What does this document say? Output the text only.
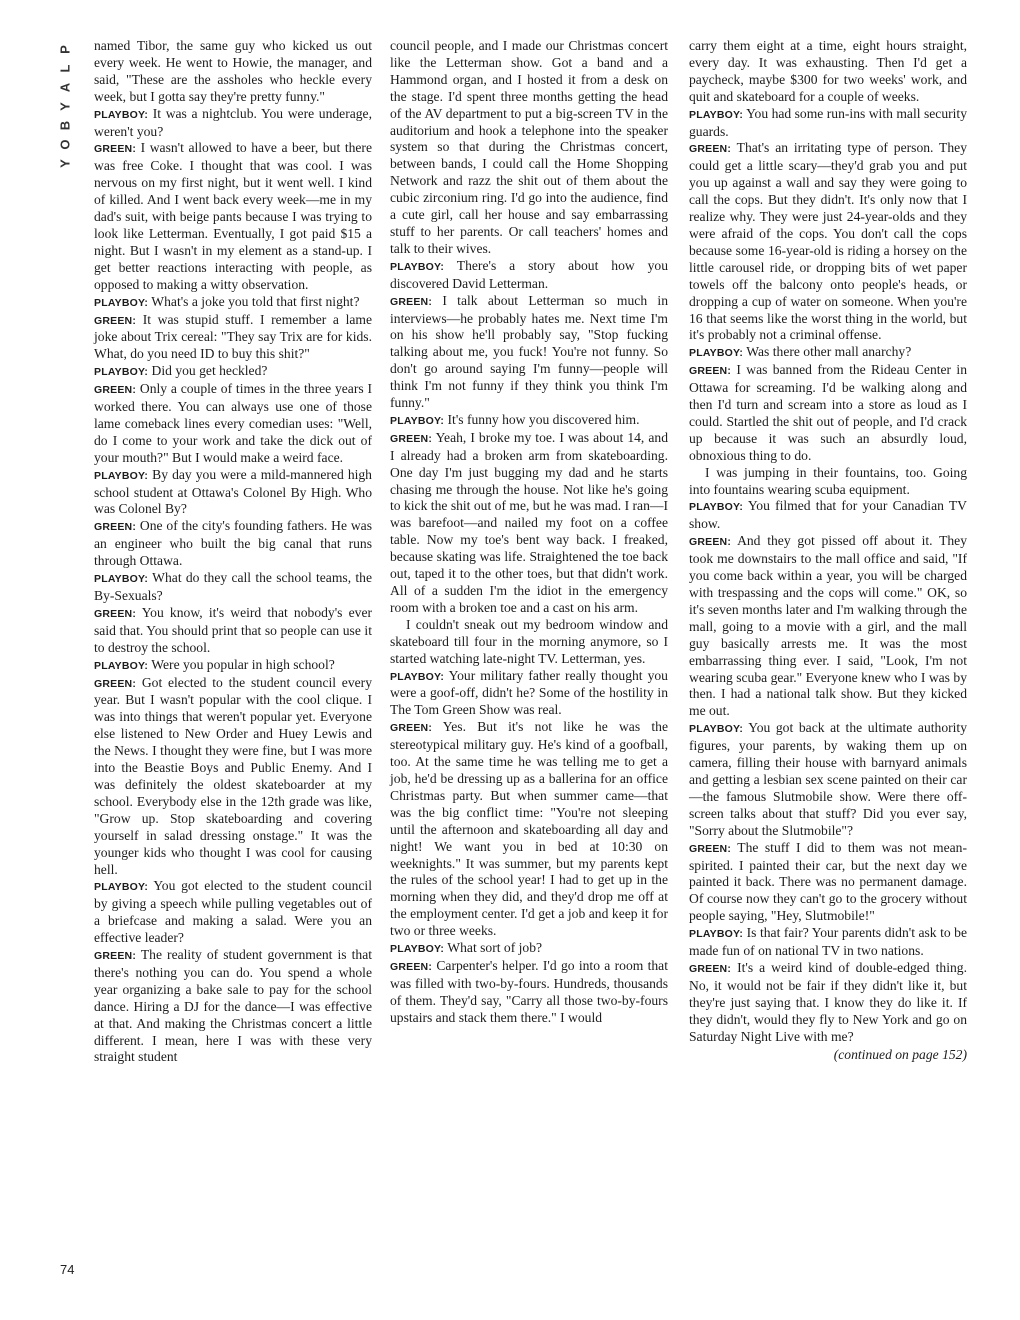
P
L
A
Y
B
O
Y

named Tibor, the same guy who kicked us out every week. He went to Howie, the manager, and said, "These are the assholes who heckle every week, but I gotta say they're pretty funny."

PLAYBOY: It was a nightclub. You were underage, weren't you?

GREEN: I wasn't allowed to have a beer, but there was free Coke. I thought that was cool. I was nervous on my first night, but it went well. I kind of killed. And I went back every week—me in my dad's suit, with beige pants because I was trying to look like Letterman. Eventually, I got paid $15 a night. But I wasn't in my element as a stand-up. I get better reactions interacting with people, as opposed to making a witty observation.

PLAYBOY: What's a joke you told that first night?

GREEN: It was stupid stuff. I remember a lame joke about Trix cereal: "They say Trix are for kids. What, do you need ID to buy this shit?"

PLAYBOY: Did you get heckled?

GREEN: Only a couple of times in the three years I worked there. You can always use one of those lame comeback lines every comedian uses: "Well, do I come to your work and take the dick out of your mouth?" But I would make a weird face.

PLAYBOY: By day you were a mild-mannered high school student at Ottawa's Colonel By High. Who was Colonel By?

GREEN: One of the city's founding fathers. He was an engineer who built the big canal that runs through Ottawa.

PLAYBOY: What do they call the school teams, the By-Sexuals?

GREEN: You know, it's weird that nobody's ever said that. You should print that so people can use it to destroy the school.

PLAYBOY: Were you popular in high school?

GREEN: Got elected to the student council every year. But I wasn't popular with the cool clique. I was into things that weren't popular yet. Everyone else listened to New Order and Huey Lewis and the News. I thought they were fine, but I was more into the Beastie Boys and Public Enemy. And I was definitely the oldest skateboarder at my school. Everybody else in the 12th grade was like, "Grow up. Stop skateboarding and covering yourself in salad dressing onstage." It was the younger kids who thought I was cool for causing hell.

PLAYBOY: You got elected to the student council by giving a speech while pulling vegetables out of a briefcase and making a salad. Were you an effective leader?

GREEN: The reality of student government is that there's nothing you can do. You spend a whole year organizing a bake sale to pay for the school dance. Hiring a DJ for the dance—I was effective at that. And making the Christmas concert a little different. I mean, here I was with these very straight student

council people, and I made our Christmas concert like the Letterman show. Got a band and a Hammond organ, and I hosted it from a desk on the stage. I'd spent three months getting the head of the AV department to put a big-screen TV in the auditorium and hook a telephone into the speaker system so that during the Christmas concert, between bands, I could call the Home Shopping Network and razz the shit out of them about the cubic zirconium ring. I'd go into the audience, find a cute girl, call her house and say embarrassing stuff to her parents. Or call teachers' homes and talk to their wives.

PLAYBOY: There's a story about how you discovered David Letterman.

GREEN: I talk about Letterman so much in interviews—he probably hates me. Next time I'm on his show he'll probably say, "Stop fucking talking about me, you fuck! You're not funny. So don't go around saying I'm funny—people will think I'm not funny if they think you think I'm funny."

PLAYBOY: It's funny how you discovered him.

GREEN: Yeah, I broke my toe. I was about 14, and I already had a broken arm from skateboarding. One day I'm just bugging my dad and he starts chasing me through the house. Not like he's going to kick the shit out of me, but he was mad. I ran—I was barefoot—and nailed my foot on a coffee table. Now my toe's bent way back. I freaked, because skating was life. Straightened the toe back out, taped it to the other toes, but that didn't work. All of a sudden I'm the idiot in the emergency room with a broken toe and a cast on his arm.

I couldn't sneak out my bedroom window and skateboard till four in the morning anymore, so I started watching late-night TV. Letterman, yes.

PLAYBOY: Your military father really thought you were a goof-off, didn't he? Some of the hostility in The Tom Green Show was real.

GREEN: Yes. But it's not like he was the stereotypical military guy. He's kind of a goofball, too. At the same time he was telling me to get a job, he'd be dressing up as a ballerina for an office Christmas party. But when summer came—that was the big conflict time: "You're not sleeping until the afternoon and skateboarding all day and night! We want you in bed at 10:30 on weeknights." It was summer, but my parents kept the rules of the school year! I had to get up in the morning when they did, and they'd drop me off at the employment center. I'd get a job and keep it for two or three weeks.

PLAYBOY: What sort of job?

GREEN: Carpenter's helper. I'd go into a room that was filled with two-by-fours. Hundreds, thousands of them. They'd say, "Carry all those two-by-fours upstairs and stack them there." I would

carry them eight at a time, eight hours straight, every day. It was exhausting. Then I'd get a paycheck, maybe $300 for two weeks' work, and quit and skateboard for a couple of weeks.

PLAYBOY: You had some run-ins with mall security guards.

GREEN: That's an irritating type of person. They could get a little scary—they'd grab you and put you up against a wall and say they were going to call the cops. But they didn't. It's only now that I realize why. They were just 24-year-olds and they were afraid of the cops. You don't call the cops because some 16-year-old is riding a horsey on the little carousel ride, or dropping bits of wet paper towels off the balcony onto people's heads, or dropping a cup of water on someone. When you're 16 that seems like the worst thing in the world, but it's probably not a criminal offense.

PLAYBOY: Was there other mall anarchy?

GREEN: I was banned from the Rideau Center in Ottawa for screaming. I'd be walking along and then I'd turn and scream into a store as loud as I could. Startled the shit out of people, and I'd crack up because it was such an absurdly loud, obnoxious thing to do.

I was jumping in their fountains, too. Going into fountains wearing scuba equipment.

PLAYBOY: You filmed that for your Canadian TV show.

GREEN: And they got pissed off about it. They took me downstairs to the mall office and said, "If you come back within a year, you will be charged with trespassing and the cops will come." OK, so it's seven months later and I'm walking through the mall, going to a movie with a girl, and the mall guy basically arrests me. It was the most embarrassing thing ever. I said, "Look, I'm not wearing scuba gear." Everyone knew who I was by then. I had a national talk show. But they kicked me out.

PLAYBOY: You got back at the ultimate authority figures, your parents, by waking them up on camera, filling their house with barnyard animals and getting a lesbian sex scene painted on their car—the famous Slutmobile show. Were there off-screen talks about that stuff? Did you ever say, "Sorry about the Slutmobile"?

GREEN: The stuff I did to them was not mean-spirited. I painted their car, but the next day we painted it back. There was no permanent damage. Of course now they can't go to the grocery without people saying, "Hey, Slutmobile!"

PLAYBOY: Is that fair? Your parents didn't ask to be made fun of on national TV in two nations.

GREEN: It's a weird kind of double-edged thing. No, it would not be fair if they didn't like it, but they're just saying that. I know they do like it. If they didn't, would they fly to New York and go on Saturday Night Live with me?

(continued on page 152)

74
